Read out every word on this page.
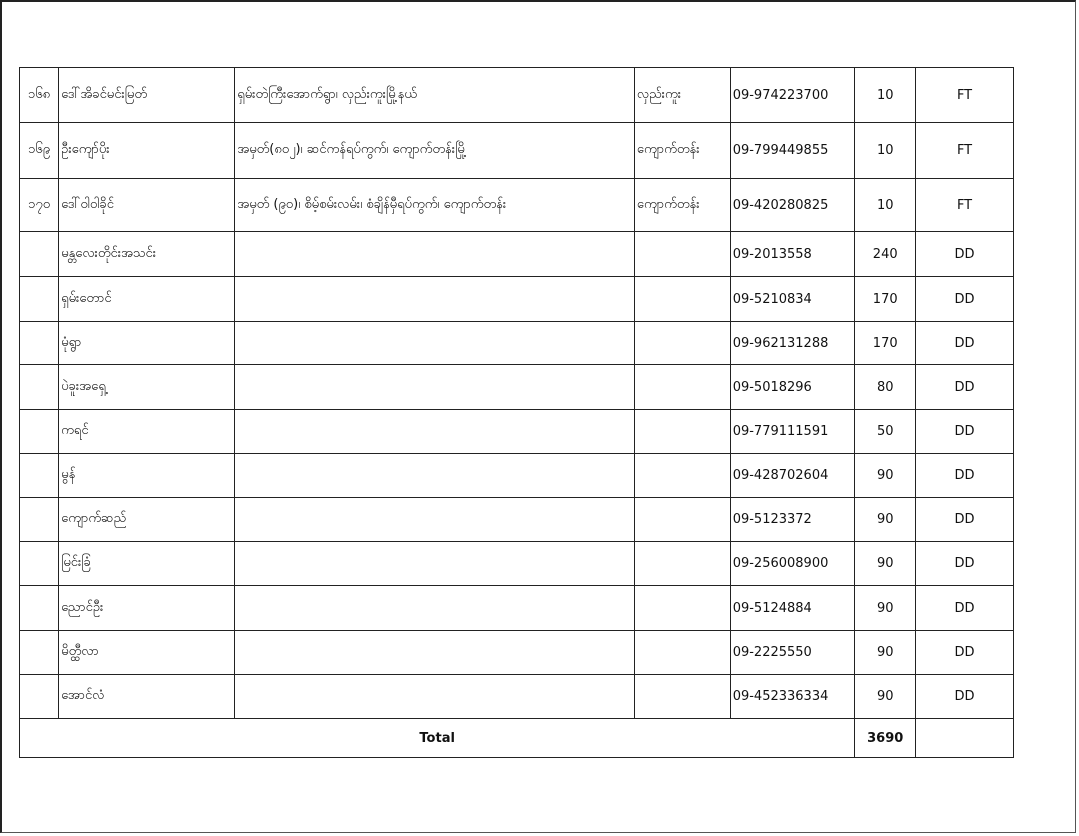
၁၆၈	ဒေါ်အိခင်မင်းမြတ်	ရှမ်းတဲကြီးအောက်ရွာ၊ လှည်းကူးမြို့နယ်	လှည်းကူး	09-974223700	10	FT
၁၆၉	ဦးကျော်ပိုး	အမှတ်(၈၀၂)၊ ဆင်ကန်ရပ်ကွက်၊ ကျောက်တန်းမြို့	ကျောက်တန်း	09-799449855	10	FT
၁၇၀	ဒေါ်ဝါဝါခိုင်	အမှတ် (၉၀)၊ စိမ့်စမ်းလမ်း၊ စံချိန်မှီရပ်ကွက်၊ ကျောက်တန်း	ကျောက်တန်း	09-420280825	10	FT
	မန္တလေးတိုင်းအသင်း			09-2013558	240	DD
	ရှမ်းတောင်			09-5210834	170	DD
	မုံရွာ			09-962131288	170	DD
	ပဲခူးအရှေ့			09-5018296	80	DD
	ကရင်			09-779111591	50	DD
	မွန်			09-428702604	90	DD
	ကျောက်ဆည်			09-5123372	90	DD
	မြင်းခြံ			09-256008900	90	DD
	ညောင်ဦး			09-5124884	90	DD
	မိတ္ထီလာ			09-2225550	90	DD
	အောင်လံ			09-452336334	90	DD
Total					3690	
